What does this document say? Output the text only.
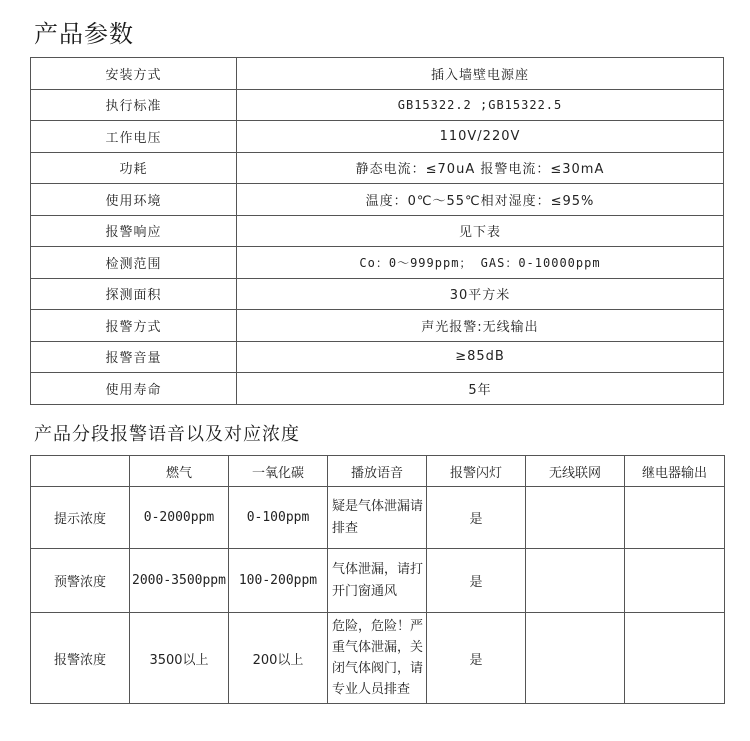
产品参数
安装方式	插入墙壁电源座
执行标准	GB15322.2 ;GB15322.5
工作电压	110V/220V
功耗	静态电流：≤70uA 报警电流：≤30mA
使用环境	温度：0℃～55℃相对湿度：≤95%
报警响应	见下表
检测范围	Co：0～999ppm； GAS：0-10000ppm
探测面积	30平方米
报警方式	声光报警:无线输出
报警音量	≥85dB
使用寿命	5年
产品分段报警语音以及对应浓度
	燃气	一氧化碳	播放语音	报警闪灯	无线联网	继电器输出
提示浓度	0-2000ppm	0-100ppm	疑是气体泄漏请排查	是		
预警浓度	2000-3500ppm	100-200ppm	气体泄漏，请打开门窗通风	是		
报警浓度	3500以上	200以上	危险，危险！严重气体泄漏，关闭气体阀门，请专业人员排查	是		
